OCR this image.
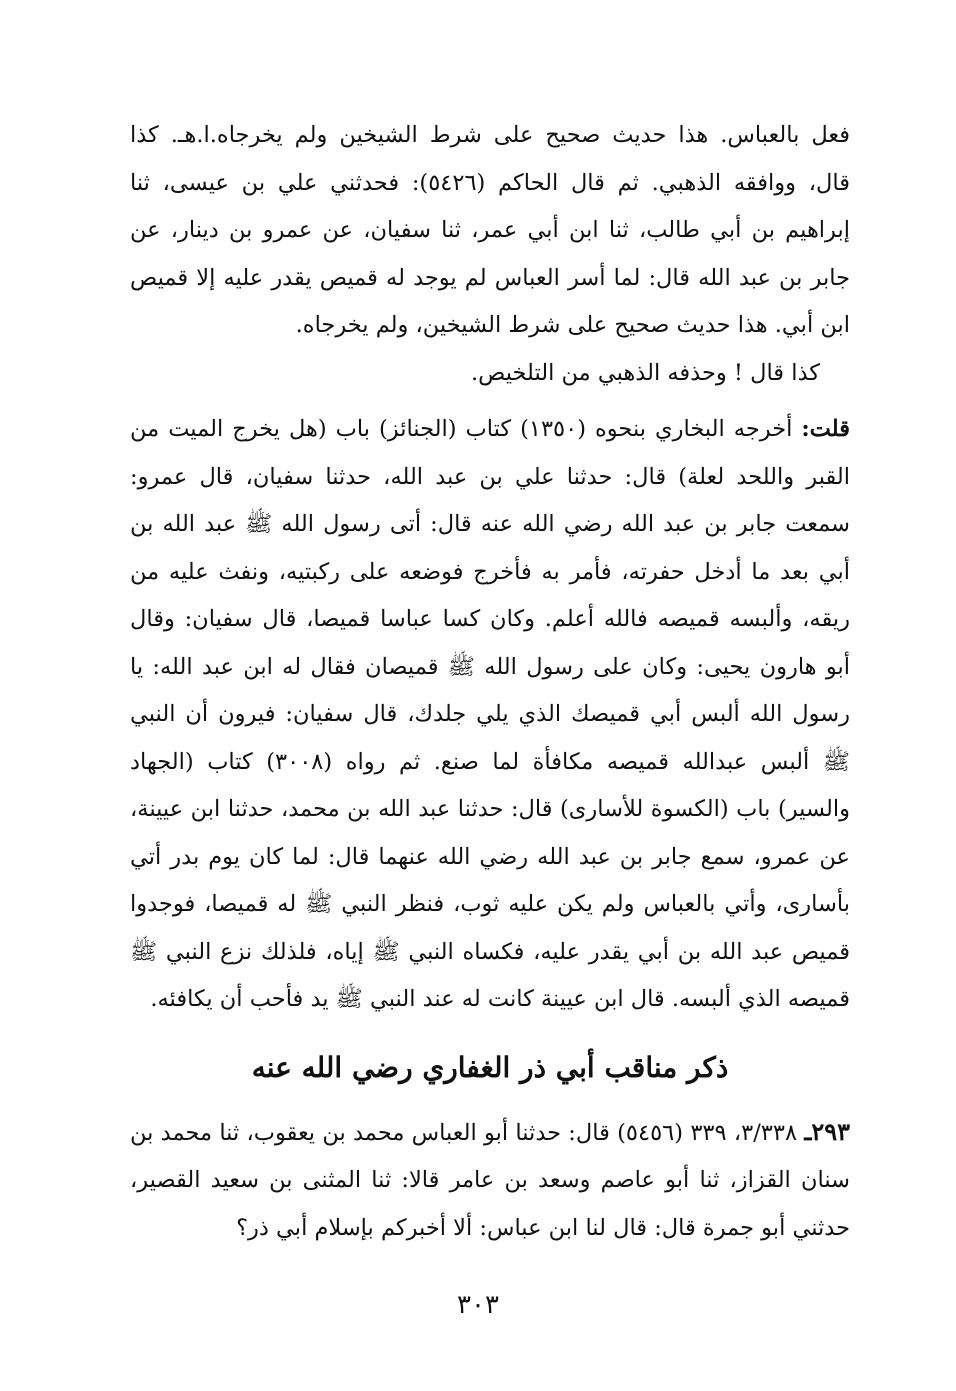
فعل بالعباس. هذا حديث صحيح على شرط الشيخين ولم يخرجاه.ا.هـ. كذا قال، ووافقه الذهبي. ثم قال الحاكم (٥٤٢٦): فحدثني علي بن عيسى، ثنا إبراهيم بن أبي طالب، ثنا ابن أبي عمر، ثنا سفيان، عن عمرو بن دينار، عن جابر بن عبد الله قال: لما أسر العباس لم يوجد له قميص يقدر عليه إلا قميص ابن أبي. هذا حديث صحيح على شرط الشيخين، ولم يخرجاه.

كذا قال ! وحذفه الذهبي من التلخيص.

قلت: أخرجه البخاري بنحوه (١٣٥٠) كتاب (الجنائز) باب (هل يخرج الميت من القبر واللحد لعلة) قال: حدثنا علي بن عبد الله، حدثنا سفيان، قال عمرو: سمعت جابر بن عبد الله رضي الله عنه قال: أتى رسول الله ﷺ عبد الله بن أبي بعد ما أدخل حفرته، فأمر به فأخرج فوضعه على ركبتيه، ونفث عليه من ريقه، وألبسه قميصه فالله أعلم. وكان كسا عباسا قميصا، قال سفيان: وقال أبو هارون يحيى: وكان على رسول الله ﷺ قميصان فقال له ابن عبد الله: يا رسول الله ألبس أبي قميصك الذي يلي جلدك، قال سفيان: فيرون أن النبي ﷺ ألبس عبدالله قميصه مكافأة لما صنع. ثم رواه (٣٠٠٨) كتاب (الجهاد والسير) باب (الكسوة للأسارى) قال: حدثنا عبد الله بن محمد، حدثنا ابن عيينة، عن عمرو، سمع جابر بن عبد الله رضي الله عنهما قال: لما كان يوم بدر أتي بأسارى، وأتي بالعباس ولم يكن عليه ثوب، فنظر النبي ﷺ له قميصا، فوجدوا قميص عبد الله بن أبي يقدر عليه، فكساه النبي ﷺ إياه، فلذلك نزع النبي ﷺ قميصه الذي ألبسه. قال ابن عيينة كانت له عند النبي ﷺ يد فأحب أن يكافئه.

ذكر مناقب أبي ذر الغفاري رضي الله عنه

٢٩٣ـ ٣/٣٣٨، ٣٣٩ (٥٤٥٦) قال: حدثنا أبو العباس محمد بن يعقوب، ثنا محمد بن سنان القزاز، ثنا أبو عاصم وسعد بن عامر قالا: ثنا المثنى بن سعيد القصير، حدثني أبو جمرة قال: قال لنا ابن عباس: ألا أخبركم بإسلام أبي ذر؟

٣٠٣
